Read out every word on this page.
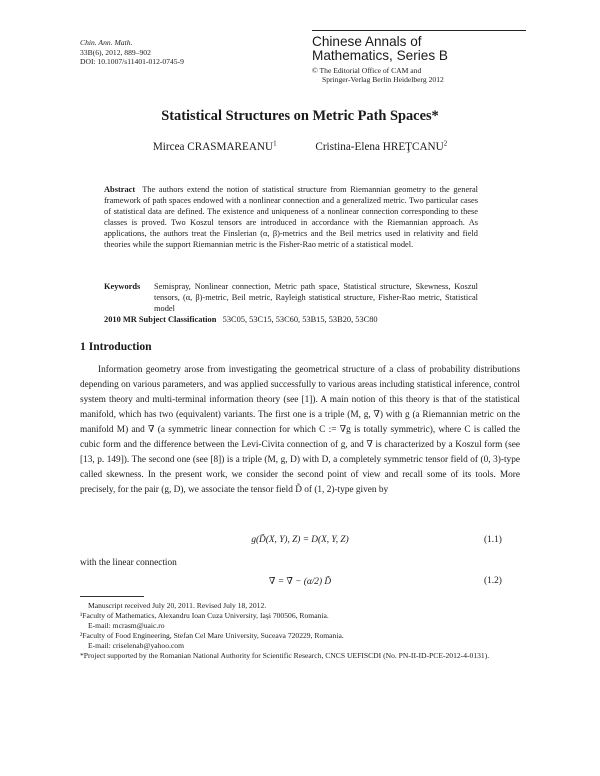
Chin. Ann. Math.
33B(6), 2012, 889–902
DOI: 10.1007/s11401-012-0745-9
Chinese Annals of
Mathematics, Series B
© The Editorial Office of CAM and
Springer-Verlag Berlin Heidelberg 2012
Statistical Structures on Metric Path Spaces*
Mircea CRASMAREANU$^1$	Cristina-Elena HREŢCANU$^2$
Abstract The authors extend the notion of statistical structure from Riemannian geometry to the general framework of path spaces endowed with a nonlinear connection and a generalized metric. Two particular cases of statistical data are defined. The existence and uniqueness of a nonlinear connection corresponding to these classes is proved. Two Koszul tensors are introduced in accordance with the Riemannian approach. As applications, the authors treat the Finslerian (α, β)-metrics and the Beil metrics used in relativity and field theories while the support Riemannian metric is the Fisher-Rao metric of a statistical model.
Keywords	Semispray, Nonlinear connection, Metric path space, Statistical structure, Skewness, Koszul tensors, (α, β)-metric, Beil metric, Rayleigh statistical structure, Fisher-Rao metric, Statistical model
2010 MR Subject Classification 53C05, 53C15, 53C60, 53B15, 53B20, 53C80
1 Introduction

Information geometry arose from investigating the geometrical structure of a class of probability distributions depending on various parameters, and was applied successfully to various areas including statistical inference, control system theory and multi-terminal information theory (see [1]). A main notion of this theory is that of the statistical manifold, which has two (equivalent) variants. The first one is a triple (M, g, ∇) with g (a Riemannian metric on the manifold M) and ∇ (a symmetric linear connection for which C := ∇g is totally symmetric), where C is called the cubic form and the difference between the Levi-Civita connection of g, and ∇ is characterized by a Koszul form (see [13, p. 149]). The second one (see [8]) is a triple (M, g, D) with D, a completely symmetric tensor field of (0, 3)-type called skewness. In the present work, we consider the second point of view and recall some of its tools. More precisely, for the pair (g, D), we associate the tensor field D̃ of (1, 2)-type given by

g(D̃(X, Y), Z) = D(X, Y, Z)	(1.1)
with the linear connection
∇̃ = ∇̄ − (α/2) D̃	(1.2)
Manuscript received July 20, 2011. Revised July 18, 2012.
¹Faculty of Mathematics, Alexandru Ioan Cuza University, Iaşi 700506, Romania.
E-mail: mcrasm@uaic.ro
²Faculty of Food Engineering, Stefan Cel Mare University, Suceava 720229, Romania.
E-mail: criselenab@yahoo.com
*Project supported by the Romanian National Authority for Scientific Research, CNCS UEFISCDI (No. PN-II-ID-PCE-2012-4-0131).
